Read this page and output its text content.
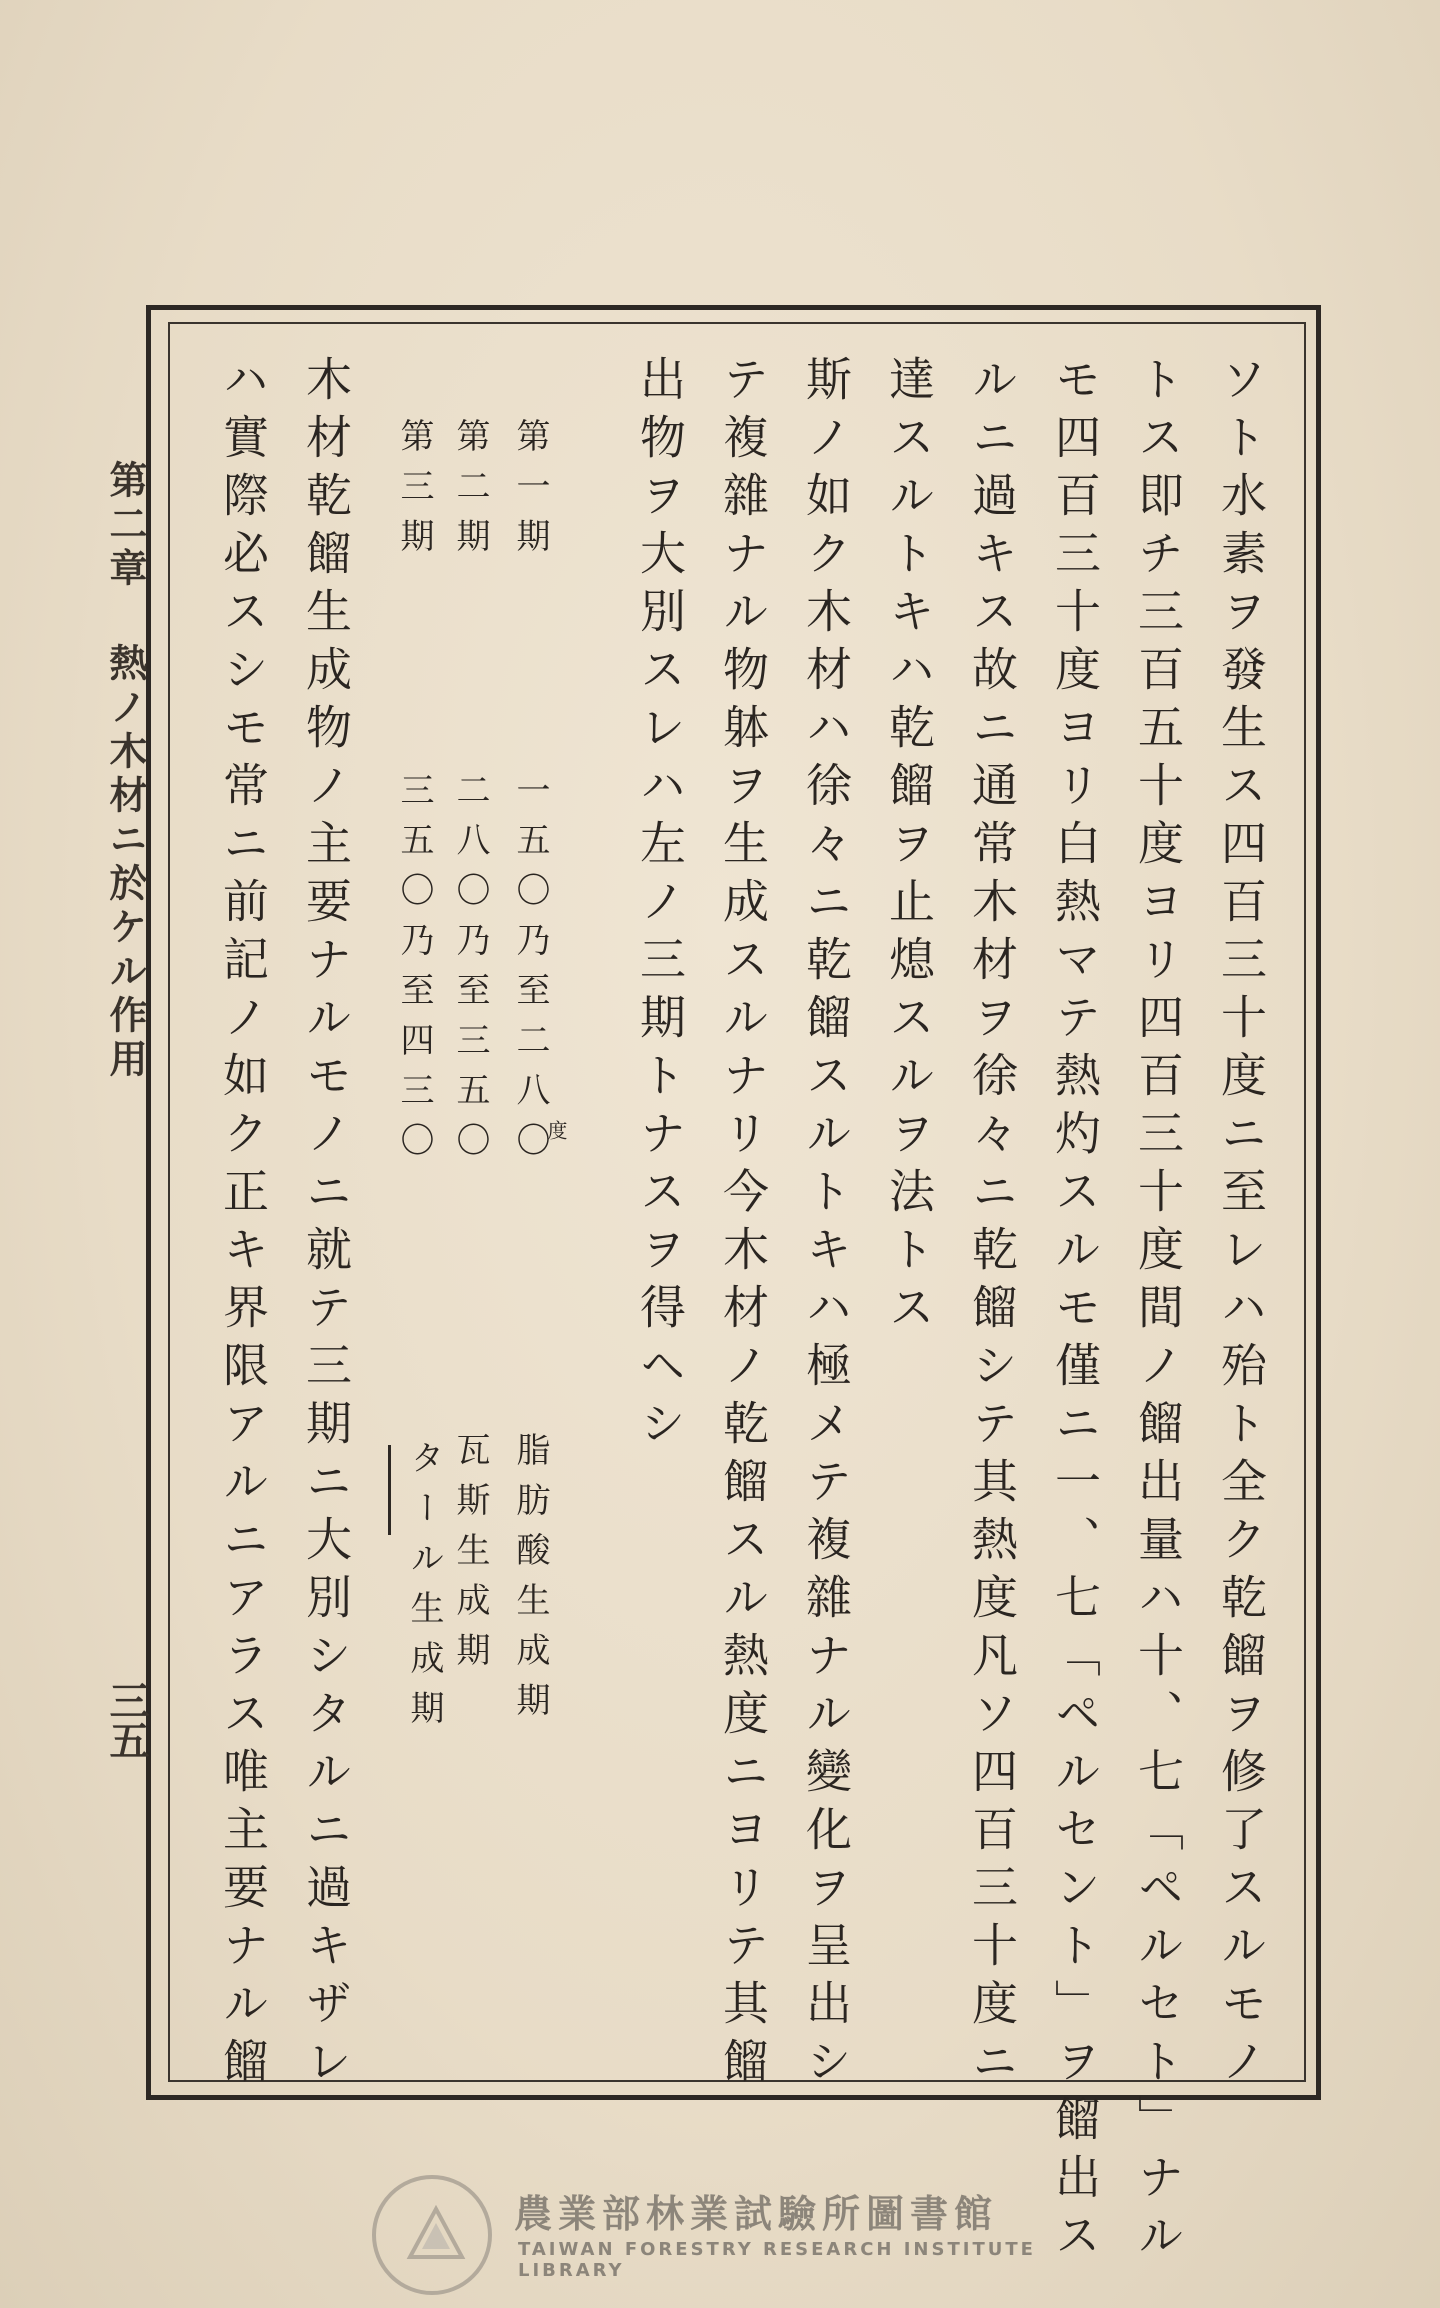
ソト水素ヲ發生ス四百三十度ニ至レハ殆ト全ク乾餾ヲ修了スルモノ
トス即チ三百五十度ヨリ四百三十度間ノ餾出量ハ十、七「ペルセト」ナル
モ四百三十度ヨリ白熱マテ熱灼スルモ僅ニ一、七「ペルセント」ヲ餾出ス
ルニ過キス故ニ通常木材ヲ徐々ニ乾餾シテ其熱度凡ソ四百三十度ニ
達スルトキハ乾餾ヲ止熄スルヲ法トス
斯ノ如ク木材ハ徐々ニ乾餾スルトキハ極メテ複雜ナル變化ヲ呈出シ
テ複雜ナル物躰ヲ生成スルナリ今木材ノ乾餾スル熱度ニヨリテ其餾
出物ヲ大別スレハ左ノ三期トナスヲ得ヘシ
第一期
第二期
第三期
一五〇乃至二八〇
度
二八〇乃至三五〇
三五〇乃至四三〇
脂肪酸生成期
瓦斯生成期
タール生成期
木材乾餾生成物ノ主要ナルモノニ就テ三期ニ大別シタルニ過キザレ
ハ實際必スシモ常ニ前記ノ如ク正キ界限アルニアラス唯主要ナル餾
第二章 熱ノ木材ニ於ケル作用
三五
農業部林業試驗所圖書館
TAIWAN FORESTRY RESEARCH INSTITUTE LIBRARY
